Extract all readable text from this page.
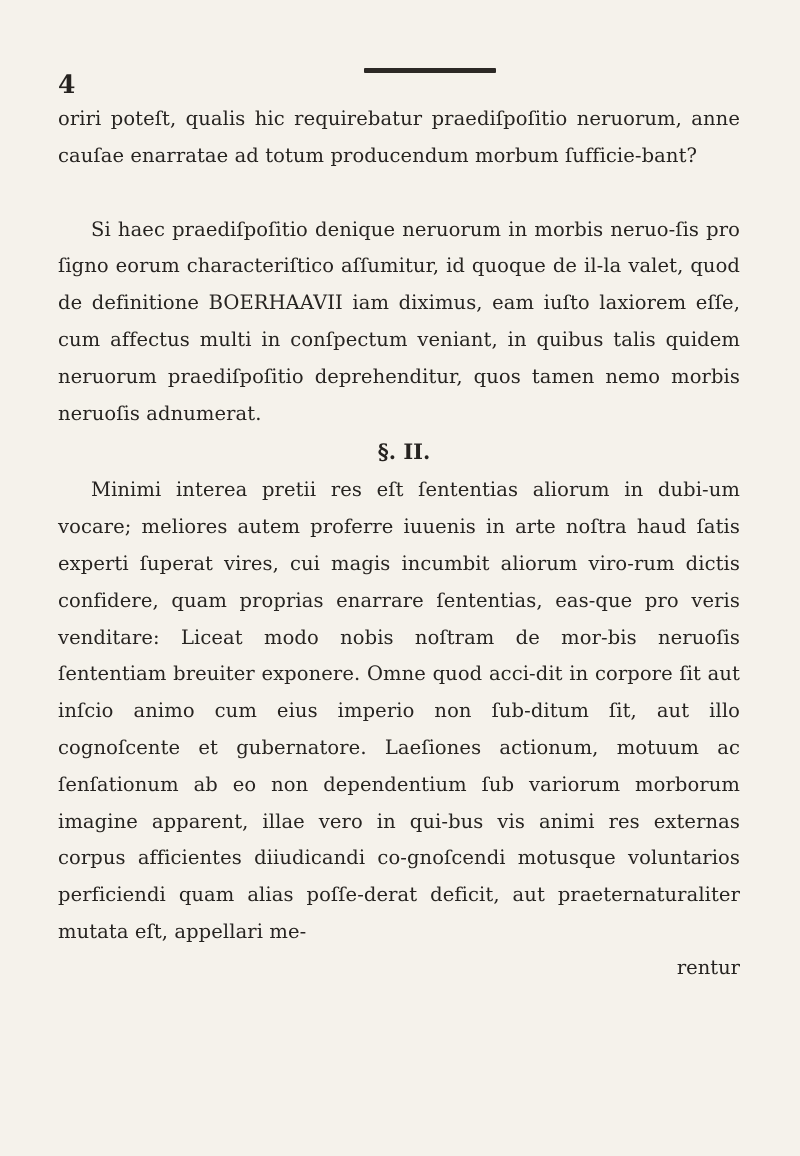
4

oriri poteſt, qualis hic requirebatur praediſpoſitio neruorum, anne cauſae enarratae ad totum producendum morbum ſufficie-bant?

Si haec praediſpoſitio denique neruorum in morbis neruo-ſis pro ſigno eorum characteriſtico aſſumitur, id quoque de il-la valet, quod de definitione BOERHAAVII iam diximus, eam iuſto laxiorem eſſe, cum affectus multi in conſpectum veniant, in quibus talis quidem neruorum praediſpoſitio deprehenditur, quos tamen nemo morbis neruoſis adnumerat.

§. II.

Minimi interea pretii res eſt ſententias aliorum in dubi-um vocare; meliores autem proferre iuuenis in arte noſtra haud ſatis experti ſuperat vires, cui magis incumbit aliorum viro-rum dictis confidere, quam proprias enarrare ſententias, eas-que pro veris venditare: Liceat modo nobis noſtram de mor-bis neruoſis ſententiam breuiter exponere. Omne quod acci-dit in corpore ſit aut inſcio animo cum eius imperio non ſub-ditum ſit, aut illo cognoſcente et gubernatore. Laeſiones actionum, motuum ac ſenſationum ab eo non dependentium ſub variorum morborum imagine apparent, illae vero in qui-bus vis animi res externas corpus afficientes diiudicandi co-gnoſcendi motusque voluntarios perficiendi quam alias poſſe-derat deficit, aut praeternaturaliter mutata eſt, appellari me-

rentur
